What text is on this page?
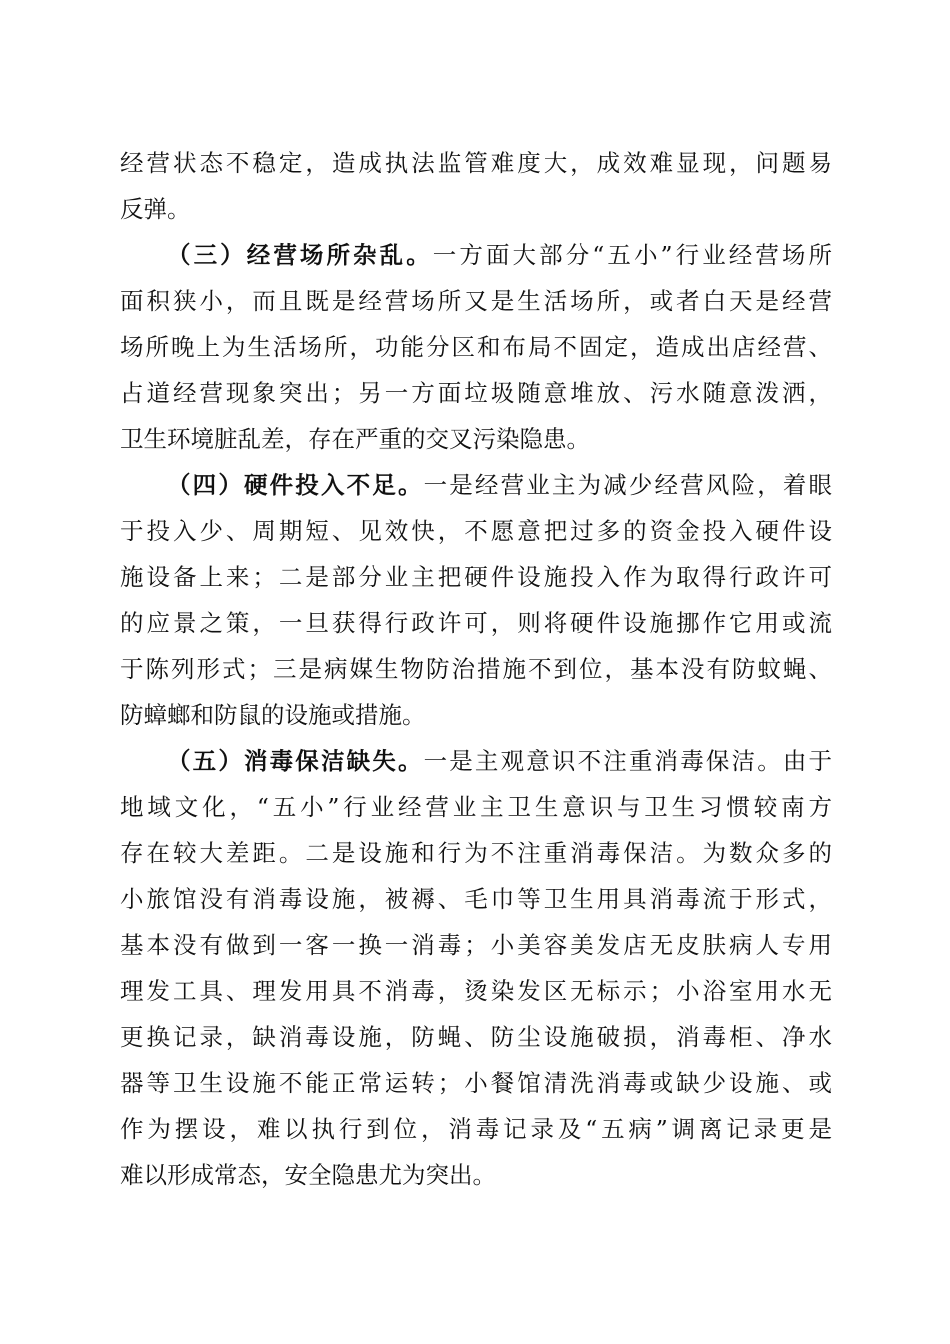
经营状态不稳定，造成执法监管难度大，成效难显现，问题易
反弹。
（三）经营场所杂乱。一方面大部分“五小”行业经营场所
面积狭小，而且既是经营场所又是生活场所，或者白天是经营
场所晚上为生活场所，功能分区和布局不固定，造成出店经营、
占道经营现象突出；另一方面垃圾随意堆放、污水随意泼洒，
卫生环境脏乱差，存在严重的交叉污染隐患。
（四）硬件投入不足。一是经营业主为减少经营风险，着眼
于投入少、周期短、见效快，不愿意把过多的资金投入硬件设
施设备上来；二是部分业主把硬件设施投入作为取得行政许可
的应景之策，一旦获得行政许可，则将硬件设施挪作它用或流
于陈列形式；三是病媒生物防治措施不到位，基本没有防蚊蝇、
防蟑螂和防鼠的设施或措施。
（五）消毒保洁缺失。一是主观意识不注重消毒保洁。由于
地域文化，“五小”行业经营业主卫生意识与卫生习惯较南方
存在较大差距。二是设施和行为不注重消毒保洁。为数众多的
小旅馆没有消毒设施，被褥、毛巾等卫生用具消毒流于形式，
基本没有做到一客一换一消毒；小美容美发店无皮肤病人专用
理发工具、理发用具不消毒，烫染发区无标示；小浴室用水无
更换记录，缺消毒设施，防蝇、防尘设施破损，消毒柜、净水
器等卫生设施不能正常运转；小餐馆清洗消毒或缺少设施、或
作为摆设，难以执行到位，消毒记录及“五病”调离记录更是
难以形成常态，安全隐患尤为突出。
